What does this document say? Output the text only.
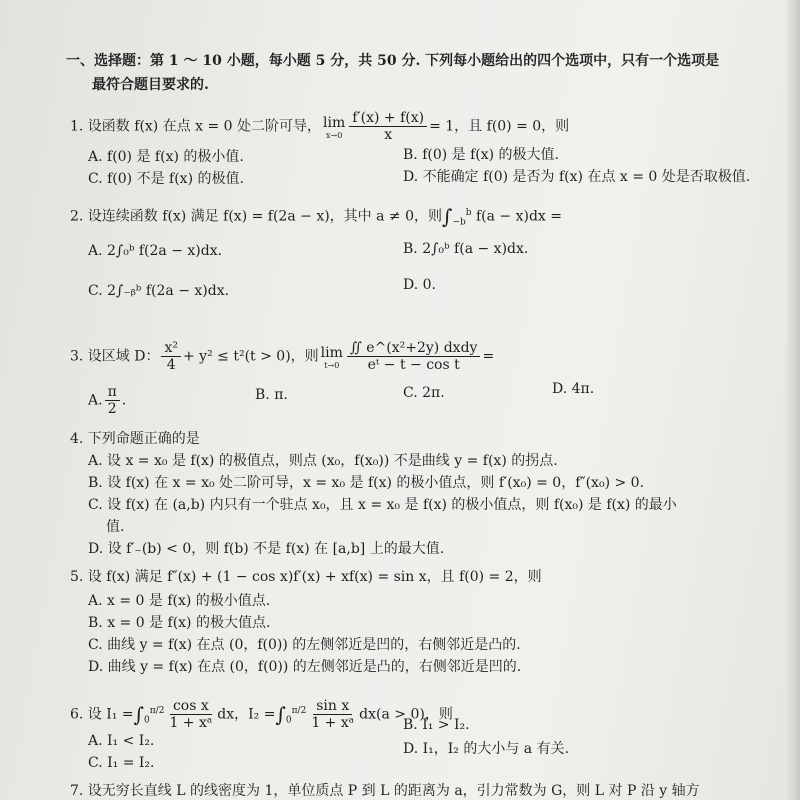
一、选择题：第 1 ～ 10 小题，每小题 5 分，共 50 分. 下列每小题给出的四个选项中，只有一个选项是
最符合题目要求的.
1. 设函数 f(x) 在点 x = 0 处二阶可导， lim
$x\to 0 \frac{f'(x) + f(x)}{x} = 1$，且 f(0) = 0，则
A. f(0) 是 f(x) 的极小值.	B. f(0) 是 f(x) 的极大值.
C. f(0) 不是 f(x) 的极值.	D. 不能确定 f(0) 是否为 f(x) 在点 x = 0 处是否取极值.
2. 设连续函数 f(x) 满足 f(x) = f(2a − x)，其中 a ≠ 0，则$\int_{-b}^b$ f(a − x)dx =
A. 2∫₀ᵇ f(2a − x)dx.	B. 2∫₀ᵇ f(a − x)dx.
C. 2∫₋ᵦᵇ f(2a − x)dx.	D. 0.
3. 设区域 D： $\frac{\text{x²}}{4} + y^2 \le t^2(t > 0)$，则 lim
$t\to 0 \frac{\text{∬ e\textasciicircum{}(x²+2y) dxdy}}{\text{eᵗ − t − cos t}}$ =
A. $\frac{\pi}{2}$ .	B. π.	C. 2π.	D. 4π.
4. 下列命题正确的是
A. 设 x = x₀ 是 f(x) 的极值点，则点 (x₀，f(x₀)) 不是曲线 y = f(x) 的拐点.
B. 设 f(x) 在 x = x₀ 处二阶可导，x = x₀ 是 f(x) 的极小值点，则 f′(x₀) = 0，f″(x₀) > 0.
C. 设 f(x) 在 (a,b) 内只有一个驻点 x₀，且 x = x₀ 是 f(x) 的极小值点，则 f(x₀) 是 f(x) 的最小
值.
D. 设 f′₋(b) < 0，则 f(b) 不是 f(x) 在 [a,b] 上的最大值.
5. 设 f(x) 满足 f″(x) + (1 − cos x)f′(x) + xf(x) = sin x，且 f(0) = 2，则
A. x = 0 是 f(x) 的极小值点.
B. x = 0 是 f(x) 的极大值点.
C. 曲线 y = f(x) 在点 (0，f(0)) 的左侧邻近是凹的，右侧邻近是凸的.
D. 曲线 y = f(x) 在点 (0，f(0)) 的左侧邻近是凸的，右侧邻近是凹的.
6. 设 $I_1 =\int_0^{\pi/2} \frac{\text{cos x}}{\text{1 + xᵃ}}$ dx，$I_2 =\int_0^{\pi/2} \frac{\text{sin x}}{\text{1 + xᵃ}} dx(a > 0)$，则
A. I₁ < I₂.
B. I₁ > I₂.
C. I₁ = I₂.
D. I₁，I₂ 的大小与 a 有关.
7. 设无穷长直线 L 的线密度为 1，单位质点 P 到 L 的距离为 a，引力常数为 G，则 L 对 P 沿 y 轴方
